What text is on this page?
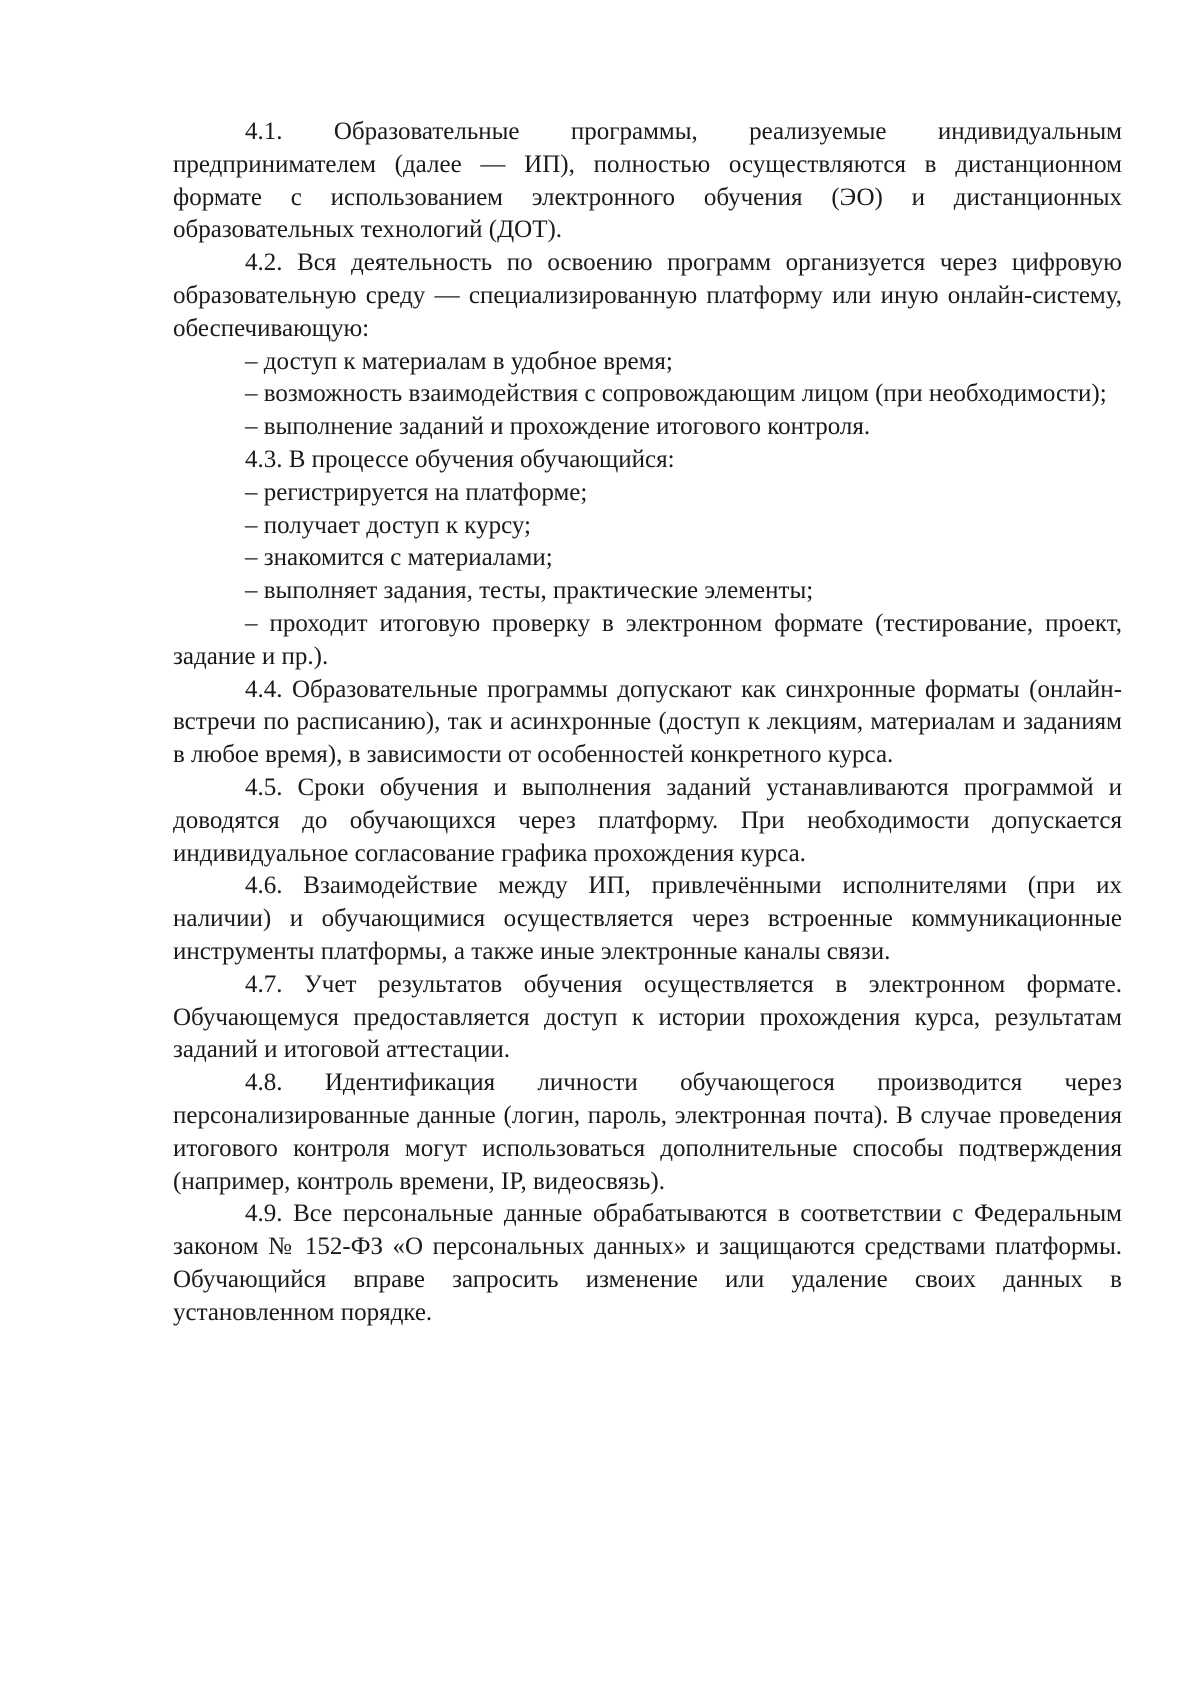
4.1. Образовательные программы, реализуемые индивидуальным предпринимателем (далее — ИП), полностью осуществляются в дистанционном формате с использованием электронного обучения (ЭО) и дистанционных образовательных технологий (ДОТ).

4.2. Вся деятельность по освоению программ организуется через цифровую образовательную среду — специализированную платформу или иную онлайн-систему, обеспечивающую:

– доступ к материалам в удобное время;

– возможность взаимодействия с сопровождающим лицом (при необходимости);

– выполнение заданий и прохождение итогового контроля.

4.3. В процессе обучения обучающийся:

– регистрируется на платформе;

– получает доступ к курсу;

– знакомится с материалами;

– выполняет задания, тесты, практические элементы;

– проходит итоговую проверку в электронном формате (тестирование, проект, задание и пр.).

4.4. Образовательные программы допускают как синхронные форматы (онлайн-встречи по расписанию), так и асинхронные (доступ к лекциям, материалам и заданиям в любое время), в зависимости от особенностей конкретного курса.

4.5. Сроки обучения и выполнения заданий устанавливаются программой и доводятся до обучающихся через платформу. При необходимости допускается индивидуальное согласование графика прохождения курса.

4.6. Взаимодействие между ИП, привлечёнными исполнителями (при их наличии) и обучающимися осуществляется через встроенные коммуникационные инструменты платформы, а также иные электронные каналы связи.

4.7. Учет результатов обучения осуществляется в электронном формате. Обучающемуся предоставляется доступ к истории прохождения курса, результатам заданий и итоговой аттестации.

4.8. Идентификация личности обучающегося производится через персонализированные данные (логин, пароль, электронная почта). В случае проведения итогового контроля могут использоваться дополнительные способы подтверждения (например, контроль времени, IP, видеосвязь).

4.9. Все персональные данные обрабатываются в соответствии с Федеральным законом № 152-ФЗ «О персональных данных» и защищаются средствами платформы. Обучающийся вправе запросить изменение или удаление своих данных в установленном порядке.
